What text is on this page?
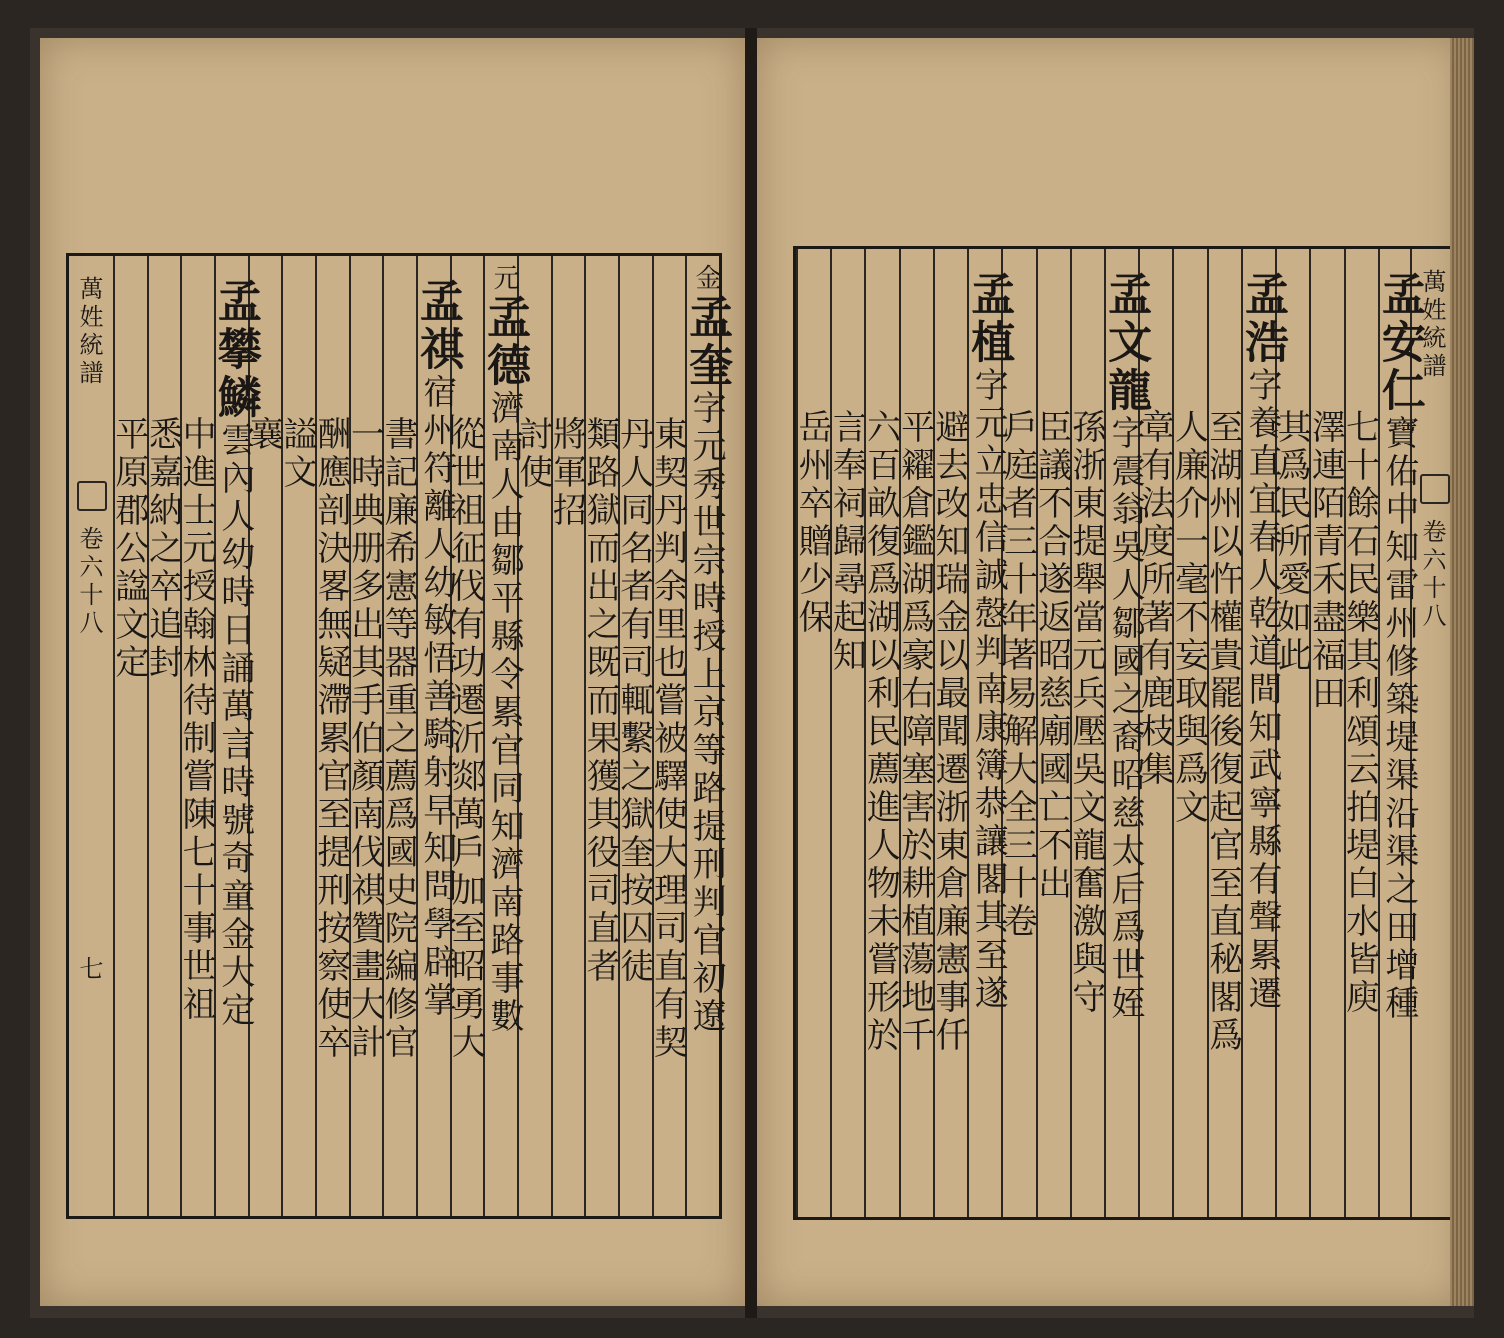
萬姓統譜
卷六十八
七
金孟奎字元秀世宗時授上京等路提刑判官初遼
東契丹判余里也嘗被驛使大理司直有契
丹人同名者有司輒繫之獄奎按囚徒
類路獄而出之既而果獲其役司直者
將軍招
討使
元孟德濟南人由鄒平縣令累官同知濟南路事數
從世祖征伐有功遷沂郯萬戶加至昭勇大
孟祺宿州符離人幼敏悟善騎射早知問學辟掌
書記廉希憲等器重之薦爲國史院編修官
一時典册多出其手伯顏南伐祺贊畫大計
酬應剖決畧無疑滯累官至提刑按察使卒
謚文
襄
孟攀鱗雲內人幼時日誦萬言時號奇童金大定
中進士元授翰林待制嘗陳七十事世祖
悉嘉納之卒追封
平原郡公諡文定
萬姓統譜
卷六十八
孟安仁寶佑中知雷州修築堤渠沿渠之田增種
七十餘石民樂其利頌云拍堤白水皆庾
澤連陌青禾盡福田
其爲民所愛如此
孟浩字養直宜春人乾道間知武寧縣有聲累遷
至湖州以忤權貴罷後復起官至直秘閣爲
人廉介一毫不妄取與爲文
章有法度所著有鹿枝集
孟文龍字震翁吳人鄒國之裔昭慈太后爲世姪
孫浙東提舉當元兵壓吳文龍奮激與守
臣議不合遂返昭慈廟國亡不出
戶庭者三十年著易解大全三十卷
孟植字元立忠信誠慤判南康簿恭讓閣其至遂
避去改知瑞金以最聞遷浙東倉廉憲事仟
平糴倉鑑湖爲豪右障塞害於耕植蕩地千
六百畝復爲湖以利民薦進人物未嘗形於
言奉祠歸尋起知
岳州卒贈少保
